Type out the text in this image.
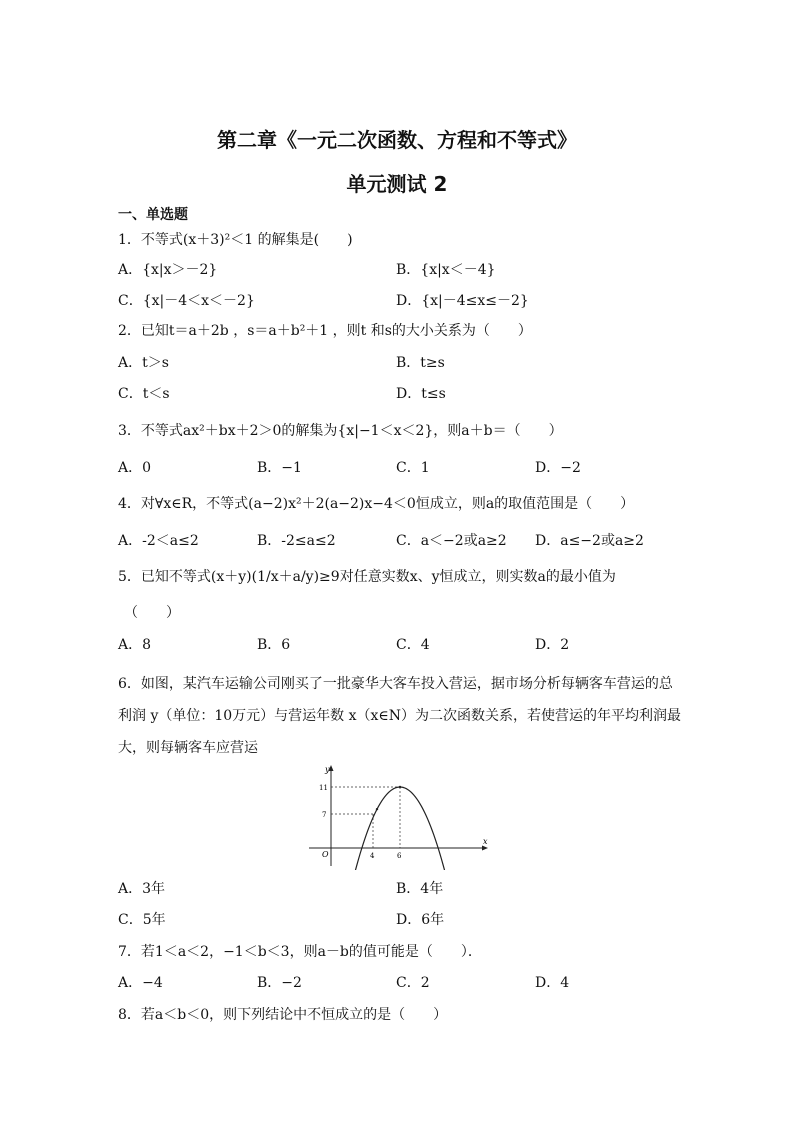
第二章《一元二次函数、方程和不等式》
单元测试 2
一、单选题
1．不等式(x＋3)²＜1 的解集是(　　)
A．{x|x＞－2}	B．{x|x＜－4}
C．{x|－4＜x＜－2}	D．{x|－4≤x≤－2}
2．已知t＝a＋2b ，s＝a＋b²＋1 ，则t 和s的大小关系为（　　）
A．t＞s	B．t≥s
C．t＜s	D．t≤s
3．不等式ax²＋bx＋2＞0的解集为{x|−1＜x＜2}，则a＋b＝（　　）
A．0	B．−1	C．1	D．−2
4．对∀x∈R，不等式(a−2)x²＋2(a−2)x−4＜0恒成立，则a的取值范围是（　　）
A．-2＜a≤2	B．-2≤a≤2	C．a＜−2或a≥2 D．a≤−2或a≥2
5．已知不等式(x＋y)(1/x＋a/y)≥9对任意实数x、y恒成立，则实数a的最小值为
（　　）
A．8	B．6	C．4	D．2
6．如图，某汽车运输公司刚买了一批豪华大客车投入营运，据市场分析每辆客车营运的总
利润 y（单位：10万元）与营运年数 x（x∈N）为二次函数关系，若使营运的年平均利润最
大，则每辆客车应营运
y
x
O
11
7
4	6
A．3年	B．4年
C．5年	D．6年
7．若1＜a＜2，−1＜b＜3，则a－b的值可能是（　　）．
A．−4	B．−2	C．2	D．4
8．若a＜b＜0，则下列结论中不恒成立的是（　　）
